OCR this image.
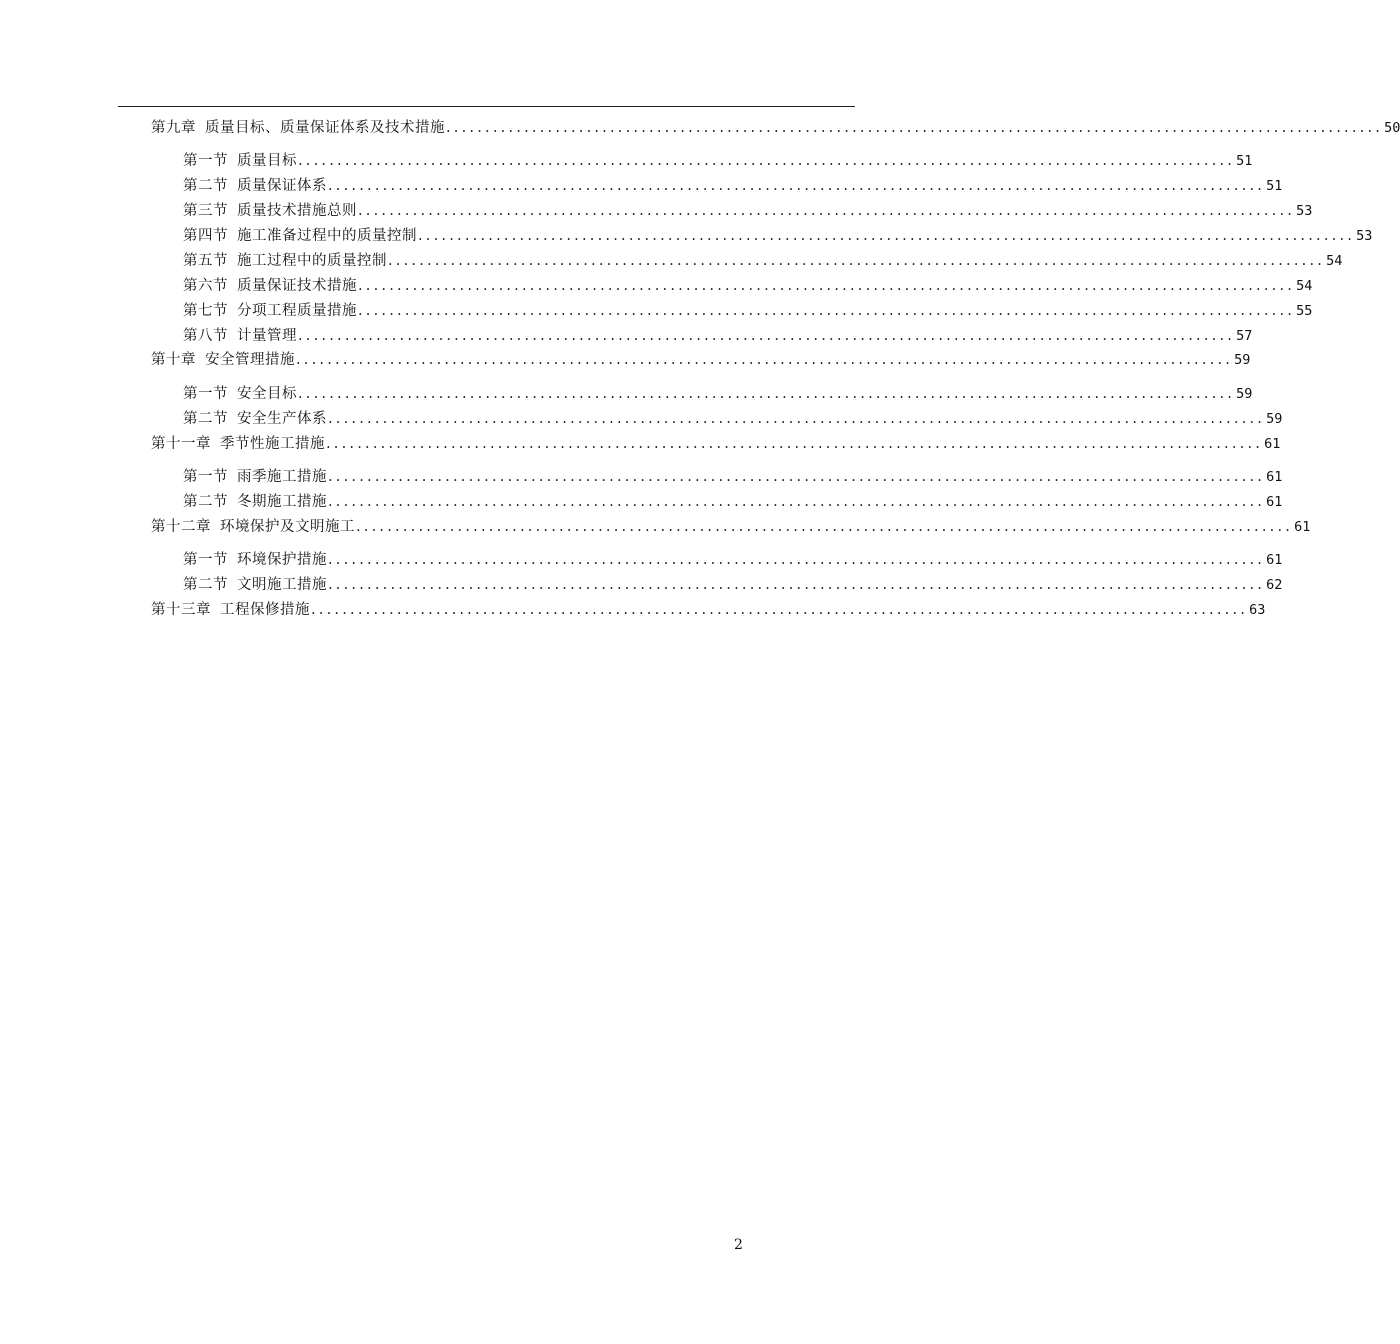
第九章 质量目标、质量保证体系及技术措施 ........................................................................................................................ 50
第一节 质量目标 ........................................................................................................................ 51
第二节 质量保证体系 ........................................................................................................................ 51
第三节 质量技术措施总则 ........................................................................................................................ 53
第四节 施工准备过程中的质量控制 ........................................................................................................................ 53
第五节 施工过程中的质量控制 ........................................................................................................................ 54
第六节 质量保证技术措施 ........................................................................................................................ 54
第七节 分项工程质量措施 ........................................................................................................................ 55
第八节 计量管理 ........................................................................................................................ 57
第十章 安全管理措施 ........................................................................................................................ 59
第一节 安全目标 ........................................................................................................................ 59
第二节 安全生产体系 ........................................................................................................................ 59
第十一章 季节性施工措施 ........................................................................................................................ 61
第一节 雨季施工措施 ........................................................................................................................ 61
第二节 冬期施工措施 ........................................................................................................................ 61
第十二章 环境保护及文明施工 ........................................................................................................................ 61
第一节 环境保护措施 ........................................................................................................................ 61
第二节 文明施工措施 ........................................................................................................................ 62
第十三章 工程保修措施 ........................................................................................................................ 63
2
